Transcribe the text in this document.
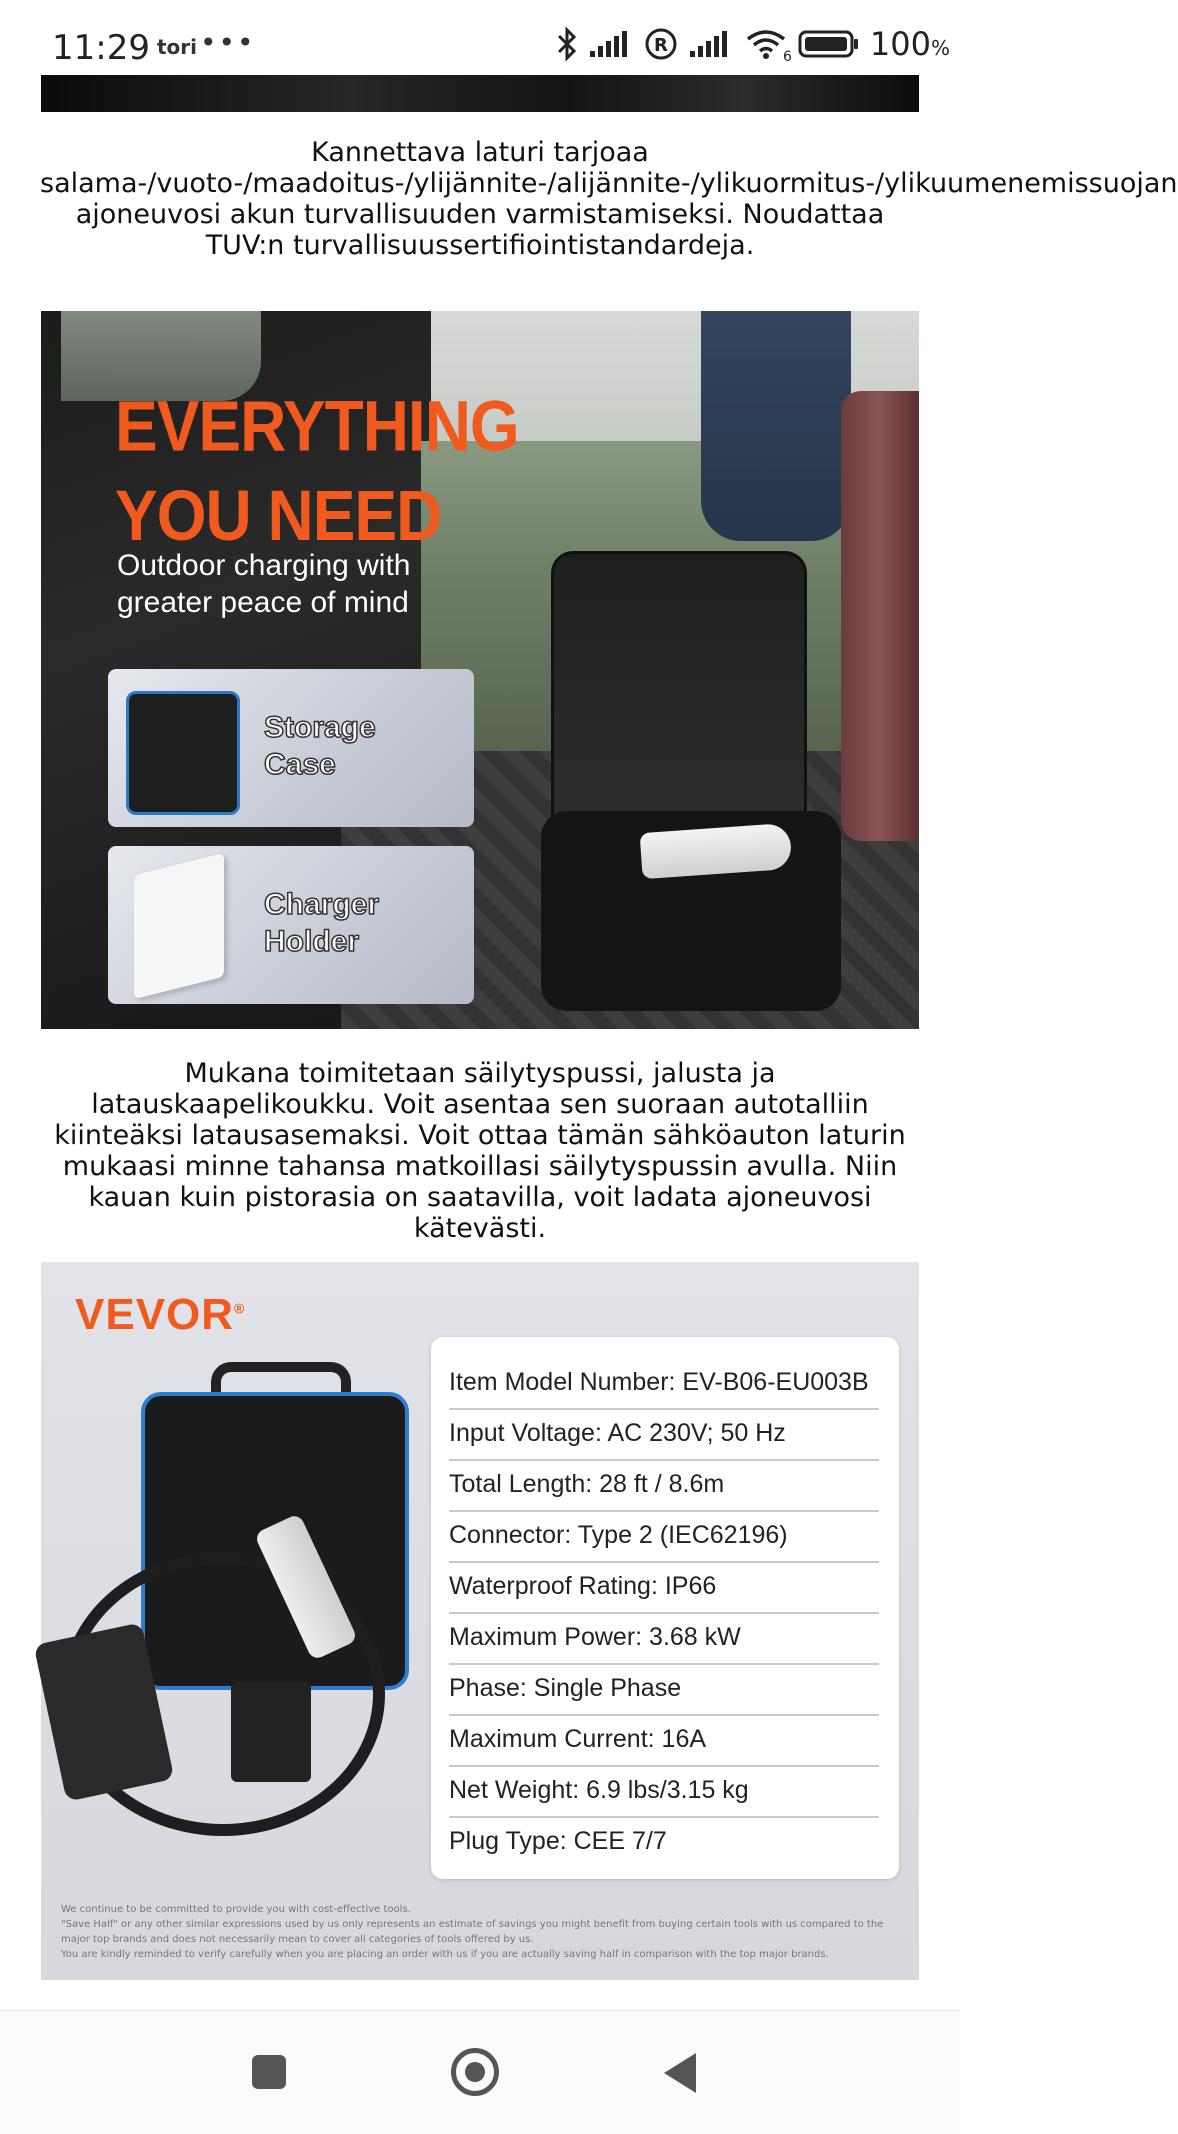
11:29 tori •••	R
6 100%
Kannettava laturi tarjoaa salama-/vuoto-/maadoitus-/ylijännite-/alijännite-/ylikuormitus-/ylikuumenemissuojan ajoneuvosi akun turvallisuuden varmistamiseksi. Noudattaa TUV:n turvallisuussertifiointistandardeja.
EVERYTHING
YOU NEED
Outdoor charging with
greater peace of mind
Storage
Case
Charger
Holder
Mukana toimitetaan säilytyspussi, jalusta ja latauskaapelikoukku. Voit asentaa sen suoraan autotalliin kiinteäksi latausasemaksi. Voit ottaa tämän sähköauton laturin mukaasi minne tahansa matkoillasi säilytyspussin avulla. Niin kauan kuin pistorasia on saatavilla, voit ladata ajoneuvosi kätevästi.
VEVOR®
Item Model Number: EV-B06-EU003B
Input Voltage: AC 230V; 50 Hz
Total Length: 28 ft / 8.6m
Connector: Type 2 (IEC62196)
Waterproof Rating: IP66
Maximum Power: 3.68 kW
Phase: Single Phase
Maximum Current: 16A
Net Weight: 6.9 lbs/3.15 kg
Plug Type: CEE 7/7
We continue to be committed to provide you with cost-effective tools.
"Save Half" or any other similar expressions used by us only represents an estimate of savings you might benefit from buying certain tools with us compared to the
major top brands and does not necessarily mean to cover all categories of tools offered by us.
You are kindly reminded to verify carefully when you are placing an order with us if you are actually saving half in comparison with the top major brands.
